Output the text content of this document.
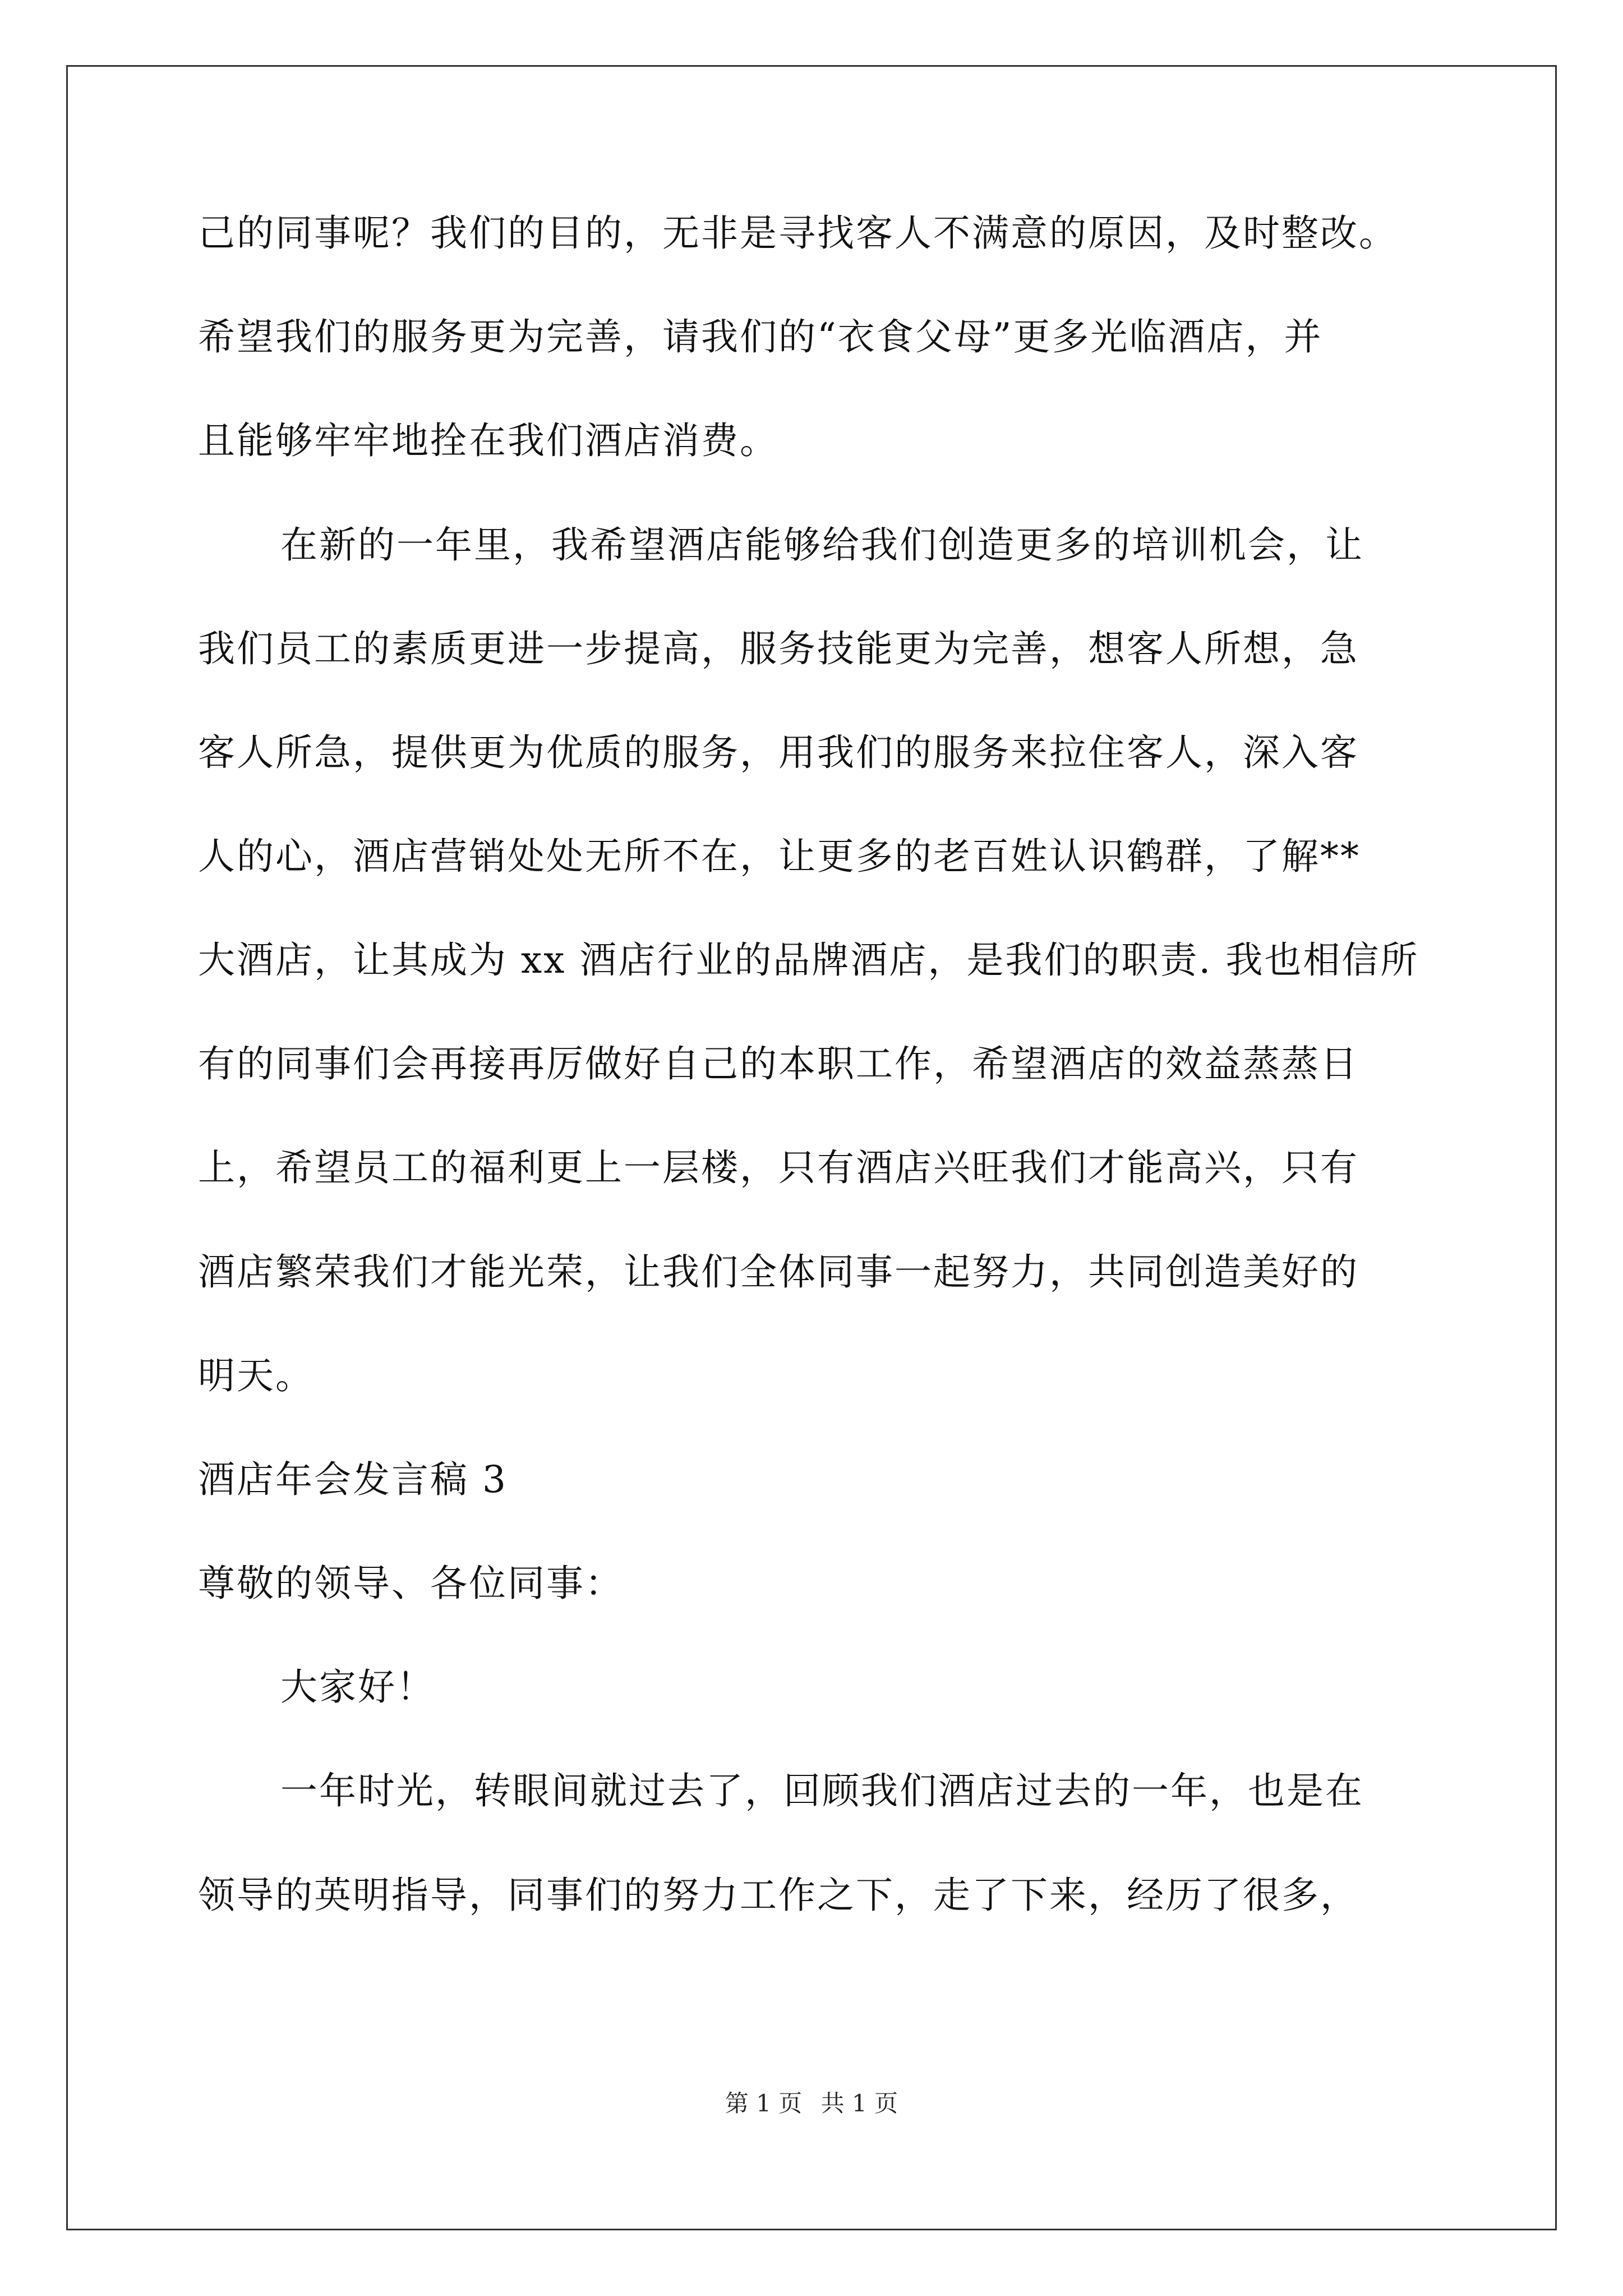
己的同事呢？我们的目的，无非是寻找客人不满意的原因，及时整改。
希望我们的服务更为完善，请我们的“衣食父母”更多光临酒店，并
且能够牢牢地拴在我们酒店消费。
在新的一年里，我希望酒店能够给我们创造更多的培训机会，让
我们员工的素质更进一步提高，服务技能更为完善，想客人所想，急
客人所急，提供更为优质的服务，用我们的服务来拉住客人，深入客
人的心，酒店营销处处无所不在，让更多的老百姓认识鹤群，了解**
大酒店，让其成为 xx 酒店行业的品牌酒店，是我们的职责. 我也相信所
有的同事们会再接再厉做好自己的本职工作，希望酒店的效益蒸蒸日
上，希望员工的福利更上一层楼，只有酒店兴旺我们才能高兴，只有
酒店繁荣我们才能光荣，让我们全体同事一起努力，共同创造美好的
明天。
酒店年会发言稿 3
尊敬的领导、各位同事：
大家好！
一年时光，转眼间就过去了，回顾我们酒店过去的一年，也是在
领导的英明指导，同事们的努力工作之下，走了下来，经历了很多，
第 1 页 共 1 页
